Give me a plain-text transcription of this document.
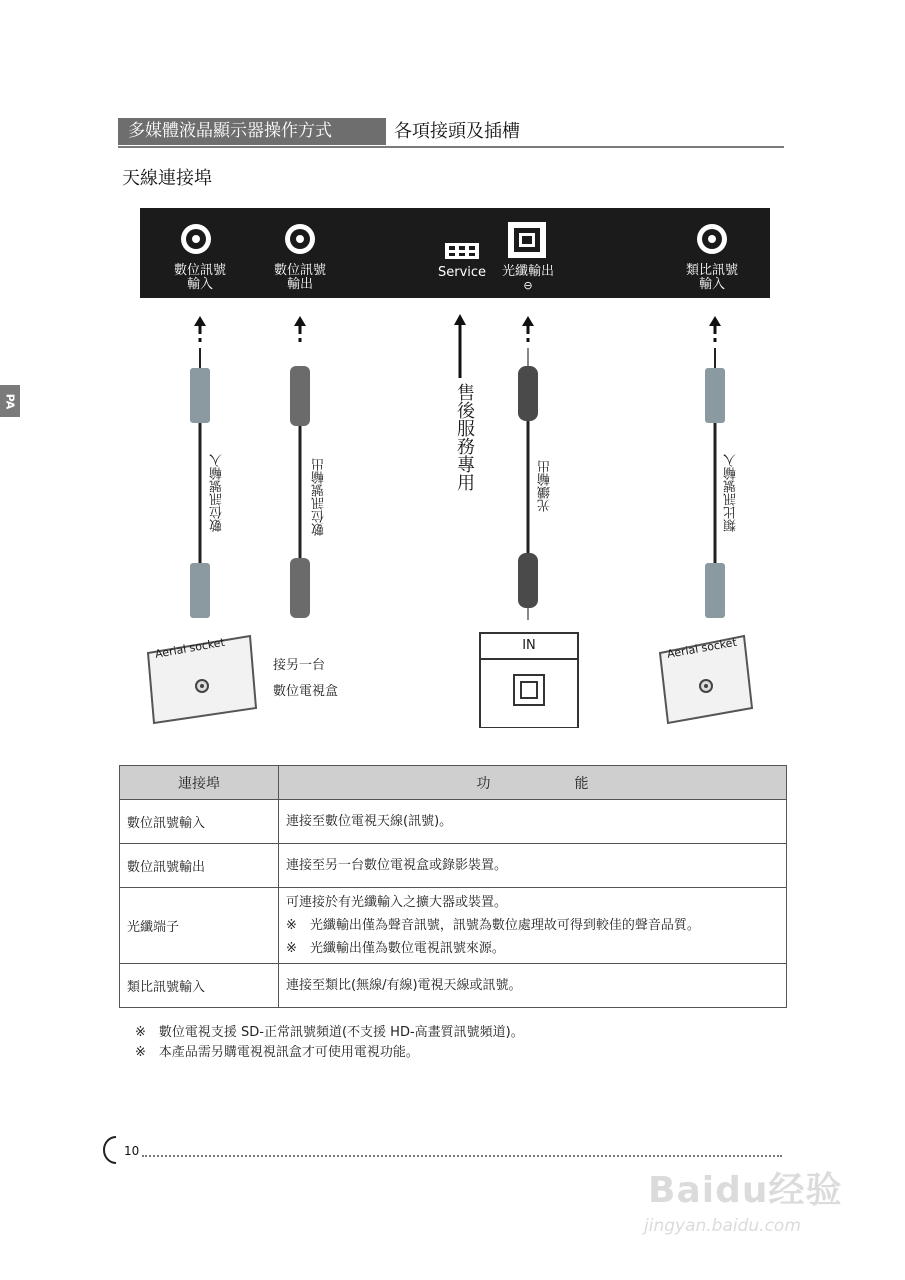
PA
多媒體液晶顯示器操作方式	各項接頭及插槽
天線連接埠
數位訊號
輸入
數位訊號
輸出
Service	光纖輸出
⊖
類比訊號
輸入
數位訊號輸入	數位訊號輸出
售後服務專用	光纖輸出	類比訊號輸入
Aerial socket	Aerial socket
接另一台
數位電視盒
IN
連接埠	功　　　　　　能
數位訊號輸入	連接至數位電視天線(訊號)。

數位訊號輸出	連接至另一台數位電視盒或錄影裝置。

光纖端子	可連接於有光纖輸入之擴大器或裝置。
※　光纖輸出僅為聲音訊號，訊號為數位處理故可得到較佳的聲音品質。
※　光纖輸出僅為數位電視訊號來源。

類比訊號輸入	連接至類比(無線/有線)電視天線或訊號。
※　數位電視支援 SD-正常訊號頻道(不支援 HD-高畫質訊號頻道)。
※　本產品需另購電視視訊盒才可使用電視功能。
10
Baidu经验
jingyan.baidu.com
